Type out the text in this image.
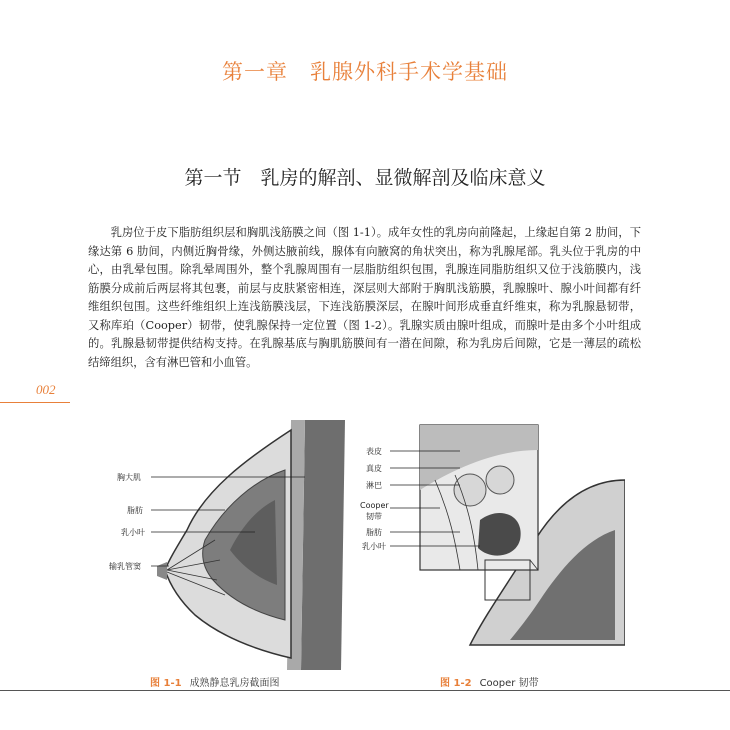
第一章　乳腺外科手术学基础
第一节　乳房的解剖、显微解剖及临床意义

乳房位于皮下脂肪组织层和胸肌浅筋膜之间（图 1-1）。成年女性的乳房向前隆起，上缘起自第 2 肋间，下缘达第 6 肋间，内侧近胸骨缘，外侧达腋前线，腺体有向腋窝的角状突出，称为乳腺尾部。乳头位于乳房的中心，由乳晕包围。除乳晕周围外，整个乳腺周围有一层脂肪组织包围，乳腺连同脂肪组织又位于浅筋膜内，浅筋膜分成前后两层将其包裹，前层与皮肤紧密相连，深层则大部附于胸肌浅筋膜，乳腺腺叶、腺小叶间都有纤维组织包围。这些纤维组织上连浅筋膜浅层，下连浅筋膜深层，在腺叶间形成垂直纤维束，称为乳腺悬韧带，又称库珀（Cooper）韧带，使乳腺保持一定位置（图 1-2）。乳腺实质由腺叶组成，而腺叶是由多个小叶组成的。乳腺悬韧带提供结构支持。在乳腺基底与胸肌筋膜间有一潜在间隙，称为乳房后间隙，它是一薄层的疏松结缔组织，含有淋巴管和小血管。

002
胸大肌
脂肪
乳小叶
输乳管窦
表皮
真皮
淋巴
Cooper
韧带
脂肪
乳小叶
图 1-1 成熟静息乳房截面图	图 1-2 Cooper 韧带
